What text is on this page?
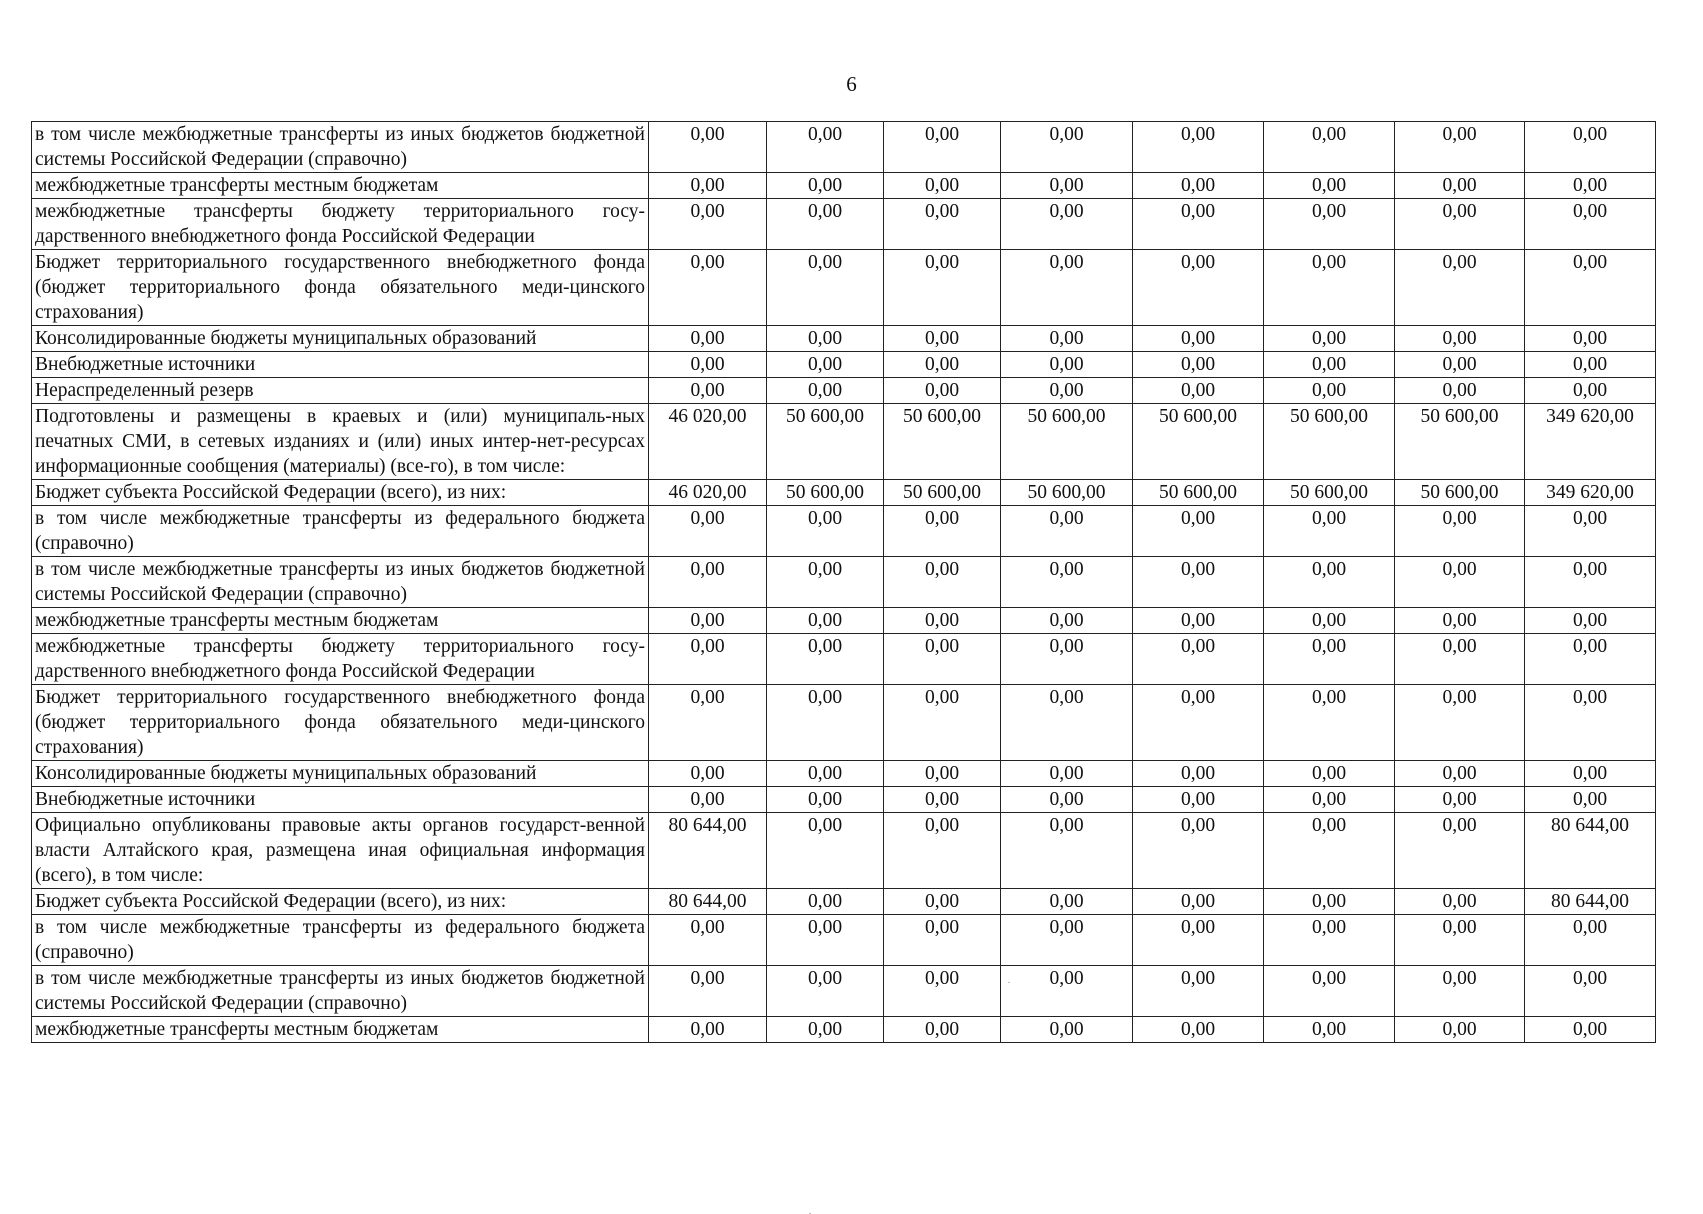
6
в том числе межбюджетные трансферты из иных бюджетов бюджетной системы Российской Федерации (справочно)	0,00	0,00	0,00	0,00	0,00	0,00	0,00	0,00
межбюджетные трансферты местным бюджетам	0,00	0,00	0,00	0,00	0,00	0,00	0,00	0,00
межбюджетные трансферты бюджету территориального госу-дарственного внебюджетного фонда Российской Федерации	0,00	0,00	0,00	0,00	0,00	0,00	0,00	0,00
Бюджет территориального государственного внебюджетного фонда (бюджет территориального фонда обязательного меди-цинского страхования)	0,00	0,00	0,00	0,00	0,00	0,00	0,00	0,00
Консолидированные бюджеты муниципальных образований	0,00	0,00	0,00	0,00	0,00	0,00	0,00	0,00
Внебюджетные источники	0,00	0,00	0,00	0,00	0,00	0,00	0,00	0,00
Нераспределенный резерв	0,00	0,00	0,00	0,00	0,00	0,00	0,00	0,00
Подготовлены и размещены в краевых и (или) муниципаль-ных печатных СМИ, в сетевых изданиях и (или) иных интер-нет-ресурсах информационные сообщения (материалы) (все-го), в том числе:	46 020,00	50 600,00	50 600,00	50 600,00	50 600,00	50 600,00	50 600,00	349 620,00
Бюджет субъекта Российской Федерации (всего), из них:	46 020,00	50 600,00	50 600,00	50 600,00	50 600,00	50 600,00	50 600,00	349 620,00
в том числе межбюджетные трансферты из федерального бюджета (справочно)	0,00	0,00	0,00	0,00	0,00	0,00	0,00	0,00
в том числе межбюджетные трансферты из иных бюджетов бюджетной системы Российской Федерации (справочно)	0,00	0,00	0,00	0,00	0,00	0,00	0,00	0,00
межбюджетные трансферты местным бюджетам	0,00	0,00	0,00	0,00	0,00	0,00	0,00	0,00
межбюджетные трансферты бюджету территориального госу-дарственного внебюджетного фонда Российской Федерации	0,00	0,00	0,00	0,00	0,00	0,00	0,00	0,00
Бюджет территориального государственного внебюджетного фонда (бюджет территориального фонда обязательного меди-цинского страхования)	0,00	0,00	0,00	0,00	0,00	0,00	0,00	0,00
Консолидированные бюджеты муниципальных образований	0,00	0,00	0,00	0,00	0,00	0,00	0,00	0,00
Внебюджетные источники	0,00	0,00	0,00	0,00	0,00	0,00	0,00	0,00
Официально опубликованы правовые акты органов государст-венной власти Алтайского края, размещена иная официальная информация (всего), в том числе:	80 644,00	0,00	0,00	0,00	0,00	0,00	0,00	80 644,00
Бюджет субъекта Российской Федерации (всего), из них:	80 644,00	0,00	0,00	0,00	0,00	0,00	0,00	80 644,00
в том числе межбюджетные трансферты из федерального бюджета (справочно)	0,00	0,00	0,00	0,00	0,00	0,00	0,00	0,00
в том числе межбюджетные трансферты из иных бюджетов бюджетной системы Российской Федерации (справочно)	0,00	0,00	0,00	0,00	0,00	0,00	0,00	0,00
межбюджетные трансферты местным бюджетам	0,00	0,00	0,00	0,00	0,00	0,00	0,00	0,00
